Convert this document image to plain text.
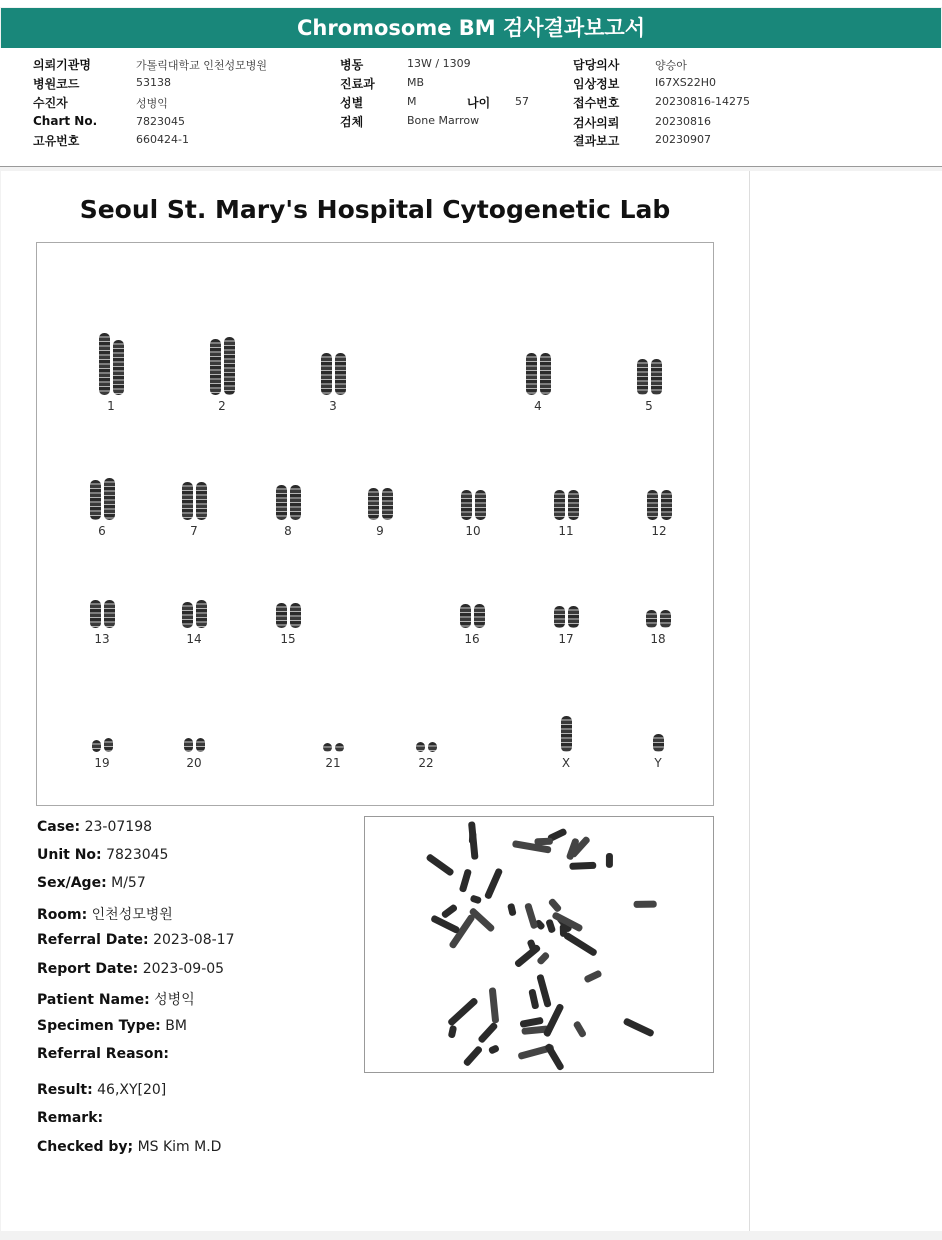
Chromosome BM 검사결과보고서
의뢰기관명	가톨릭대학교 인천성모병원
병원코드	53138
수진자	성병익
Chart No.	7823045
고유번호	660424-1
병동	13W / 1309
진료과	MB
성별	M	나이 57
검체	Bone Marrow
담당의사	양승아
임상정보	I67XS22H0
접수번호	20230816-14275
검사의뢰	20230816
결과보고	20230907
Seoul St. Mary's Hospital Cytogenetic Lab
1	2	3	4	5
6	7	8	9	10	11	12
13	14	15	16	17	18
19	20	21	22	X	Y
Case: 23-07198
Unit No: 7823045
Sex/Age: M/57
Room: 인천성모병원
Referral Date: 2023-08-17
Report Date: 2023-09-05
Patient Name: 성병익
Specimen Type: BM
Referral Reason:
Result: 46,XY[20]
Remark:
Checked by; MS Kim M.D
